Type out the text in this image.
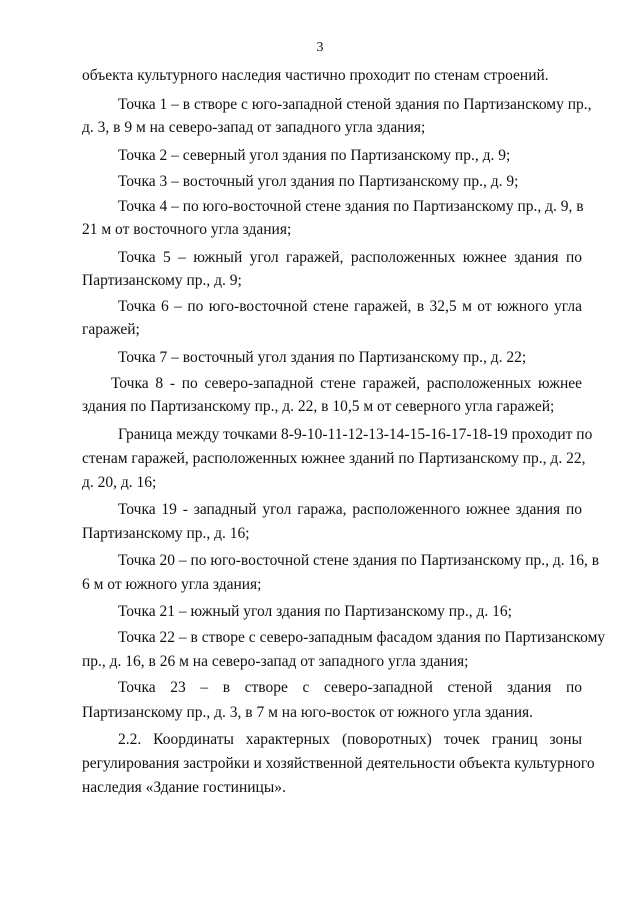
3
объекта культурного наследия частично проходит по стенам строений.
Точка 1 – в створе с юго-западной стеной здания по Партизанскому пр.,
д. 3, в 9 м на северо-запад от западного угла здания;
Точка 2 – северный угол здания по Партизанскому пр., д. 9;
Точка 3 – восточный угол здания по Партизанскому пр., д. 9;
Точка 4 – по юго-восточной стене здания по Партизанскому пр., д. 9, в
21 м от восточного угла здания;
Точка 5 – южный угол гаражей, расположенных южнее здания по
Партизанскому пр., д. 9;
Точка 6 – по юго-восточной стене гаражей, в 32,5 м от южного угла
гаражей;
Точка 7 – восточный угол здания по Партизанскому пр., д. 22;
Точка 8 - по северо-западной стене гаражей, расположенных южнее
здания по Партизанскому пр., д. 22, в 10,5 м от северного угла гаражей;
Граница между точками 8-9-10-11-12-13-14-15-16-17-18-19 проходит по
стенам гаражей, расположенных южнее зданий по Партизанскому пр., д. 22,
д. 20, д. 16;
Точка 19 - западный угол гаража, расположенного южнее здания по
Партизанскому пр., д. 16;
Точка 20 – по юго-восточной стене здания по Партизанскому пр., д. 16, в
6 м от южного угла здания;
Точка 21 – южный угол здания по Партизанскому пр., д. 16;
Точка 22 – в створе с северо-западным фасадом здания по Партизанскому
пр., д. 16, в 26 м на северо-запад от западного угла здания;
Точка 23 – в створе с северо-западной стеной здания по
Партизанскому пр., д. 3, в 7 м на юго-восток от южного угла здания.
2.2. Координаты характерных (поворотных) точек границ зоны
регулирования застройки и хозяйственной деятельности объекта культурного
наследия «Здание гостиницы».
